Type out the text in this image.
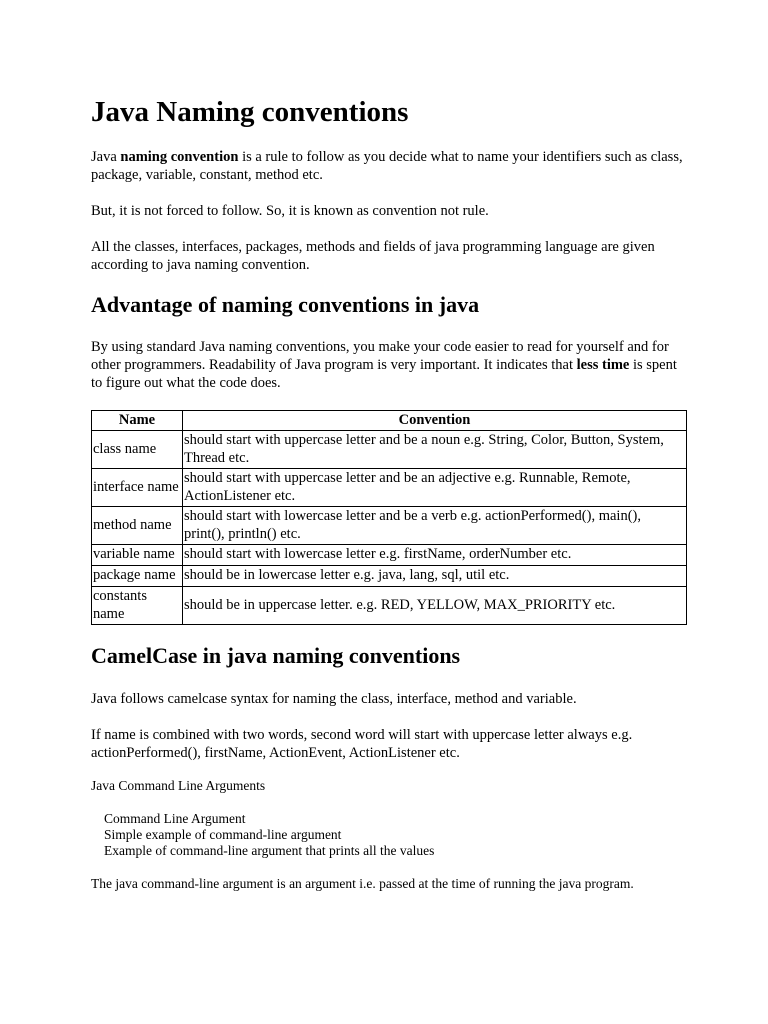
Java Naming conventions

Java naming convention is a rule to follow as you decide what to name your identifiers such as class, package, variable, constant, method etc.

But, it is not forced to follow. So, it is known as convention not rule.

All the classes, interfaces, packages, methods and fields of java programming language are given according to java naming convention.

Advantage of naming conventions in java

By using standard Java naming conventions, you make your code easier to read for yourself and for other programmers. Readability of Java program is very important. It indicates that less time is spent to figure out what the code does.

Name	Convention
class name	should start with uppercase letter and be a noun e.g. String, Color, Button, System, Thread etc.
interface name	should start with uppercase letter and be an adjective e.g. Runnable, Remote, ActionListener etc.
method name	should start with lowercase letter and be a verb e.g. actionPerformed(), main(), print(), println() etc.
variable name	should start with lowercase letter e.g. firstName, orderNumber etc.
package name	should be in lowercase letter e.g. java, lang, sql, util etc.
constants name	should be in uppercase letter. e.g. RED, YELLOW, MAX_PRIORITY etc.
CamelCase in java naming conventions

Java follows camelcase syntax for naming the class, interface, method and variable.

If name is combined with two words, second word will start with uppercase letter always e.g. actionPerformed(), firstName, ActionEvent, ActionListener etc.

Java Command Line Arguments

Command Line Argument
Simple example of command-line argument
Example of command-line argument that prints all the values

The java command-line argument is an argument i.e. passed at the time of running the java program.
